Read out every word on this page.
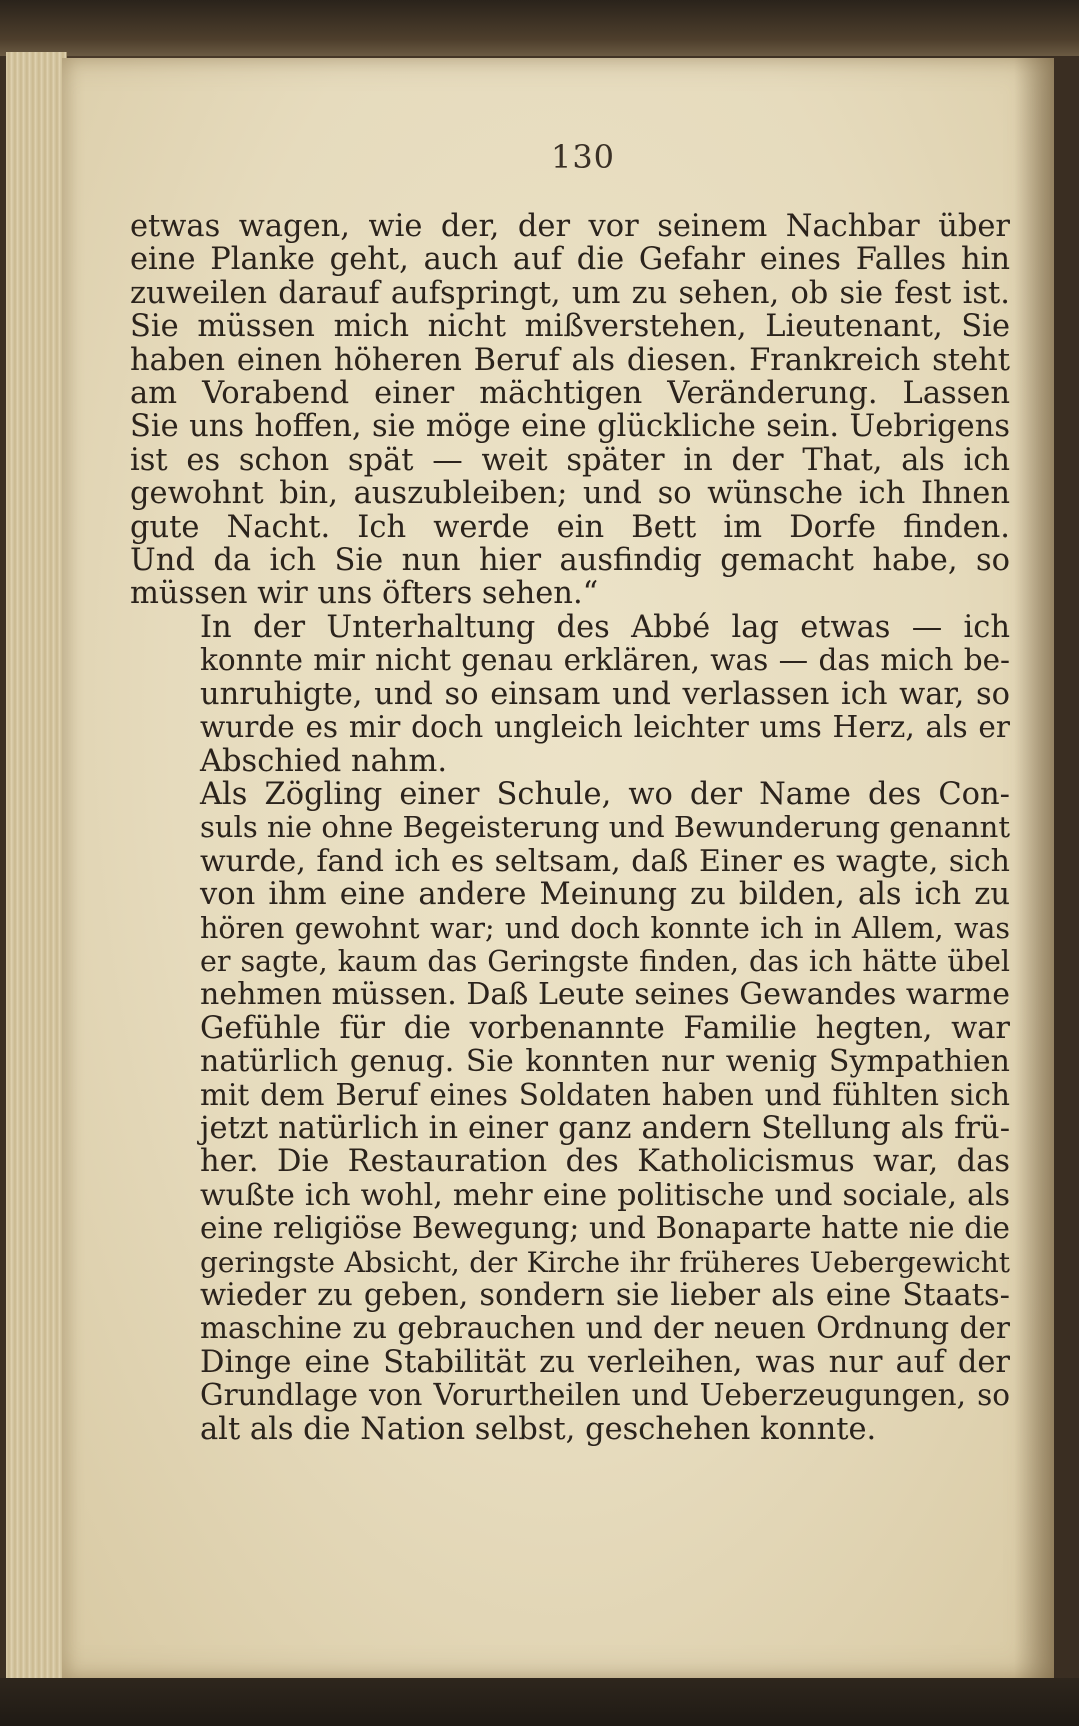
130

etwas wagen, wie der, der vor seinem Nachbar über
eine Planke geht, auch auf die Gefahr eines Falles hin
zuweilen darauf aufspringt, um zu sehen, ob sie fest ist.
Sie müssen mich nicht mißverstehen, Lieutenant, Sie
haben einen höheren Beruf als diesen. Frankreich steht
am Vorabend einer mächtigen Veränderung. Lassen
Sie uns hoffen, sie möge eine glückliche sein. Uebrigens
ist es schon spät — weit später in der That, als ich
gewohnt bin, auszubleiben; und so wünsche ich Ihnen
gute Nacht. Ich werde ein Bett im Dorfe finden.
Und da ich Sie nun hier ausfindig gemacht habe, so
müssen wir uns öfters sehen.“

In der Unterhaltung des Abbé lag etwas — ich
konnte mir nicht genau erklären, was — das mich be-
unruhigte, und so einsam und verlassen ich war, so
wurde es mir doch ungleich leichter ums Herz, als er
Abschied nahm.

Als Zögling einer Schule, wo der Name des Con-
suls nie ohne Begeisterung und Bewunderung genannt
wurde, fand ich es seltsam, daß Einer es wagte, sich
von ihm eine andere Meinung zu bilden, als ich zu
hören gewohnt war; und doch konnte ich in Allem, was
er sagte, kaum das Geringste finden, das ich hätte übel
nehmen müssen. Daß Leute seines Gewandes warme
Gefühle für die vorbenannte Familie hegten, war
natürlich genug. Sie konnten nur wenig Sympathien
mit dem Beruf eines Soldaten haben und fühlten sich
jetzt natürlich in einer ganz andern Stellung als frü-
her. Die Restauration des Katholicismus war, das
wußte ich wohl, mehr eine politische und sociale, als
eine religiöse Bewegung; und Bonaparte hatte nie die
geringste Absicht, der Kirche ihr früheres Uebergewicht
wieder zu geben, sondern sie lieber als eine Staats-
maschine zu gebrauchen und der neuen Ordnung der
Dinge eine Stabilität zu verleihen, was nur auf der
Grundlage von Vorurtheilen und Ueberzeugungen, so
alt als die Nation selbst, geschehen konnte.
